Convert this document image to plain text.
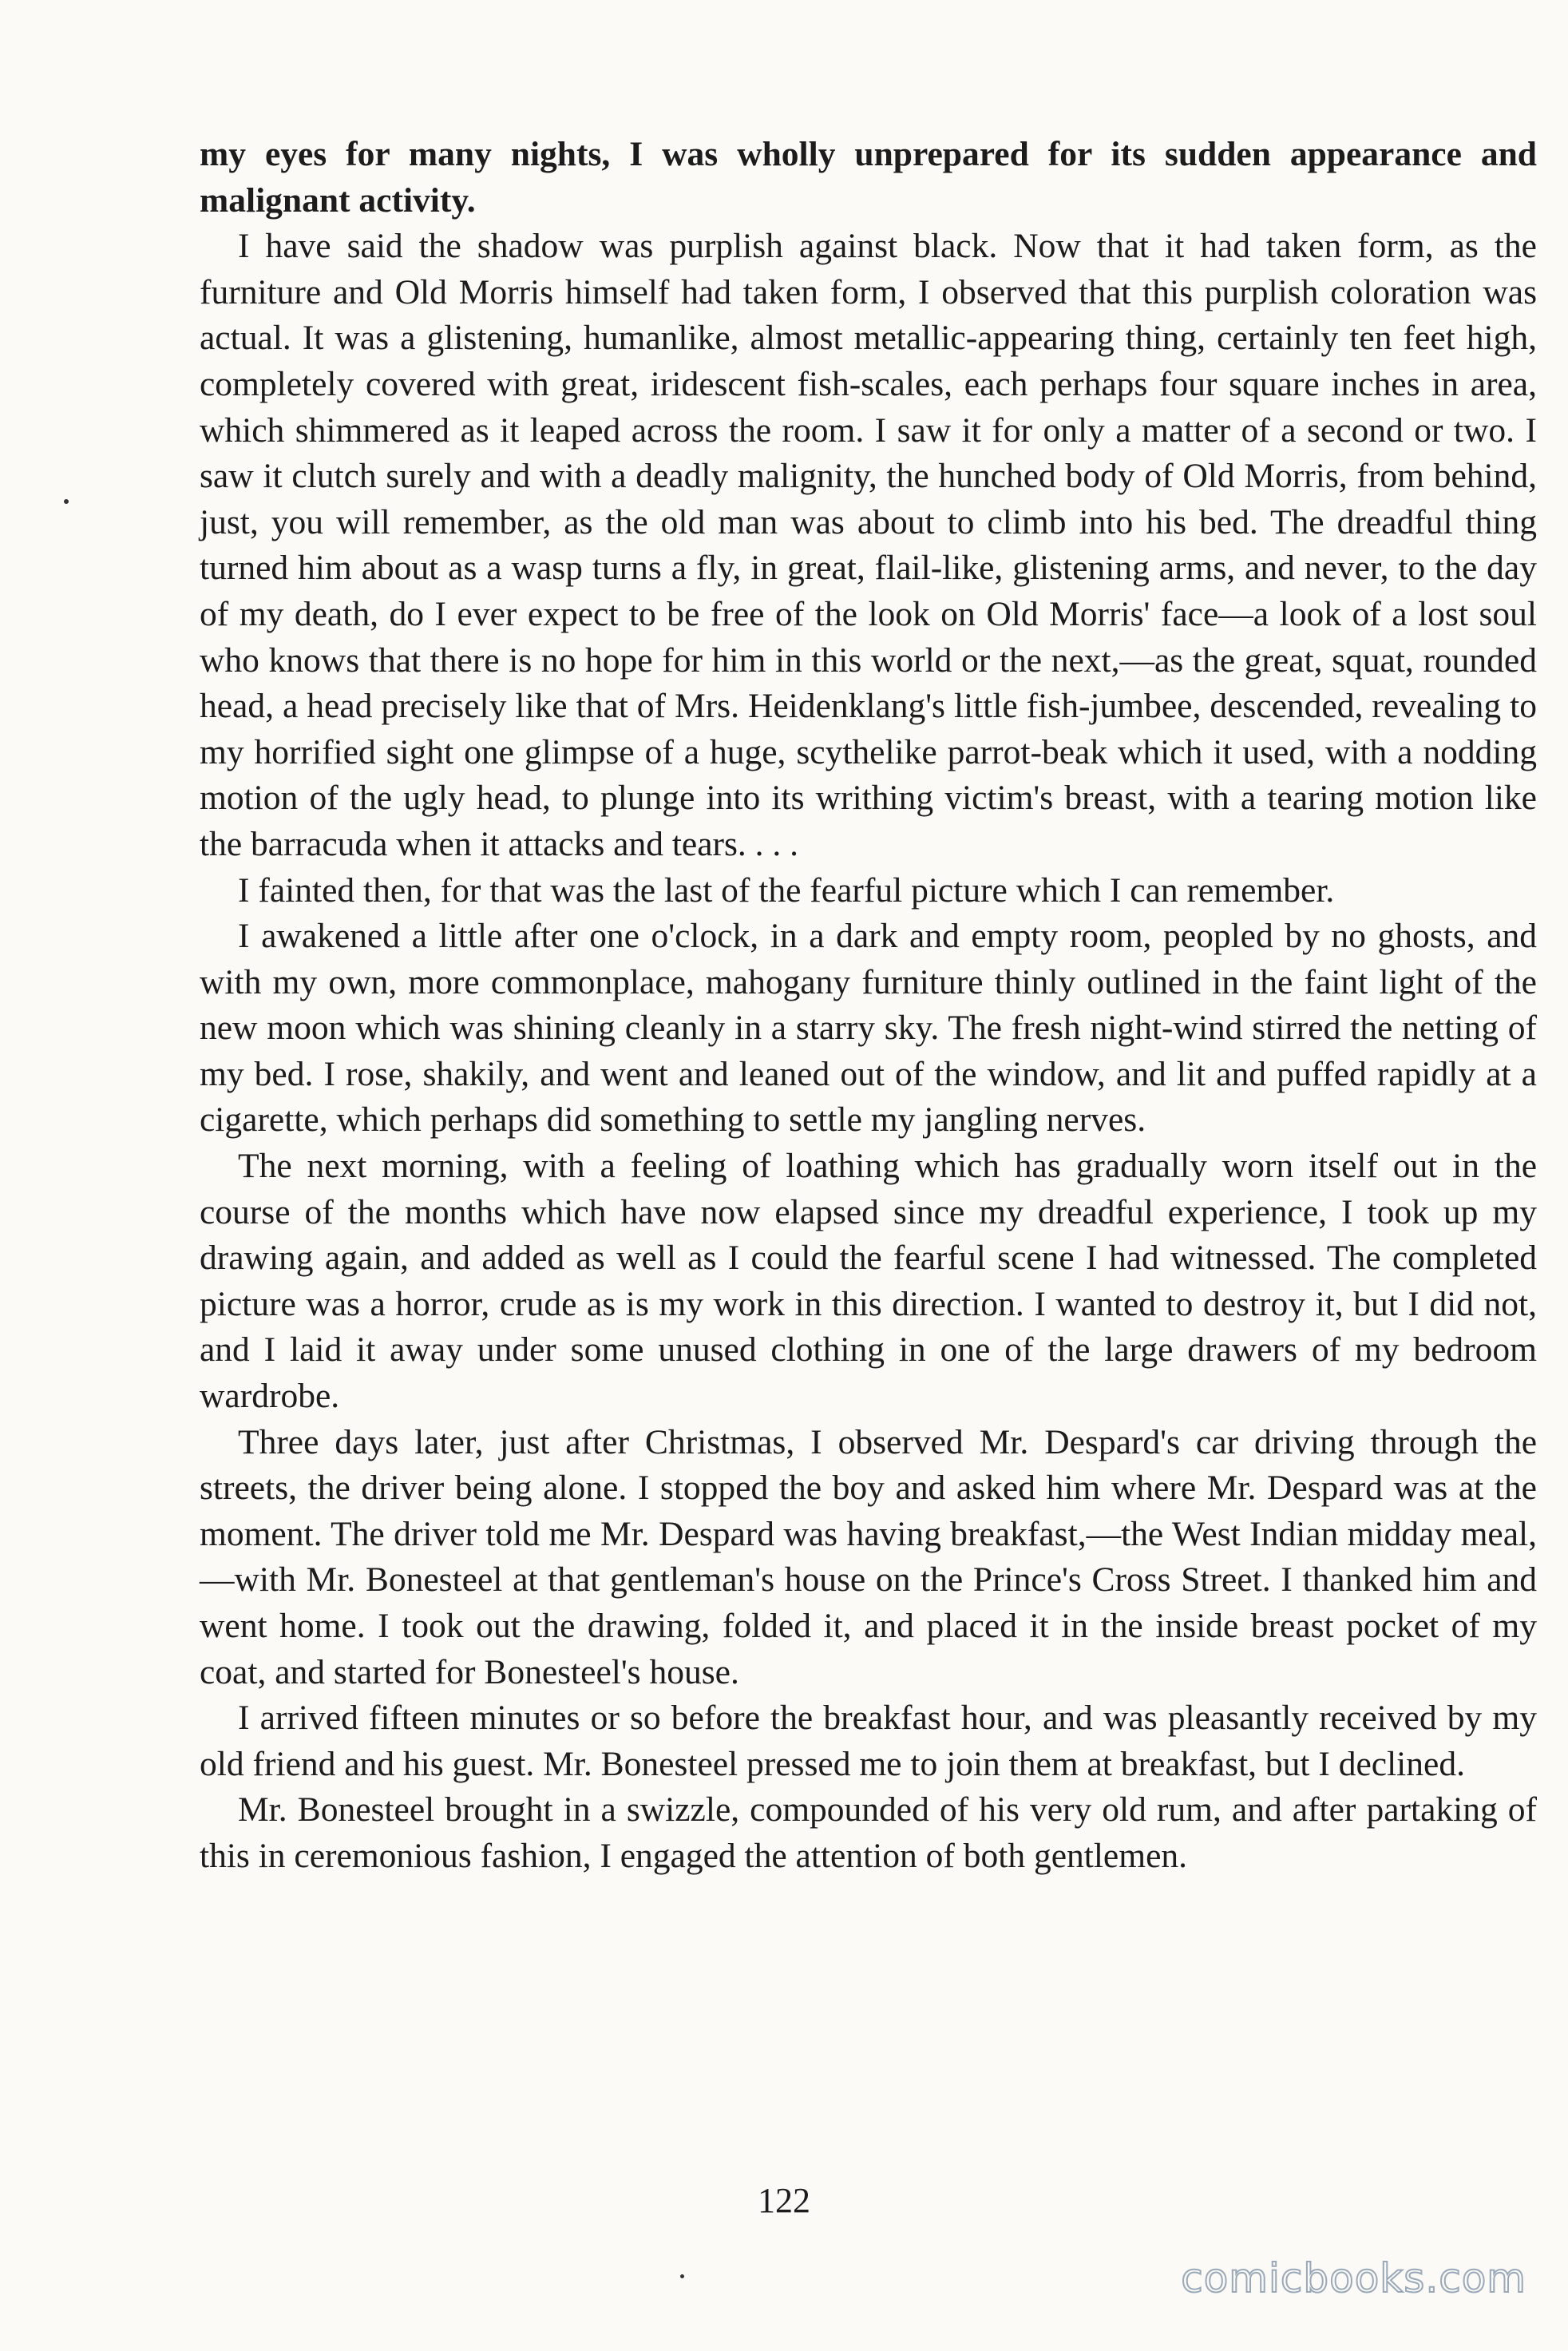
my eyes for many nights, I was wholly unprepared for its sudden appearance and malignant activity.

I have said the shadow was purplish against black. Now that it had taken form, as the furniture and Old Morris himself had taken form, I observed that this purplish coloration was actual. It was a glistening, humanlike, almost metallic-appearing thing, certainly ten feet high, completely covered with great, iridescent fish-scales, each perhaps four square inches in area, which shimmered as it leaped across the room. I saw it for only a matter of a second or two. I saw it clutch surely and with a deadly malignity, the hunched body of Old Morris, from behind, just, you will remember, as the old man was about to climb into his bed. The dreadful thing turned him about as a wasp turns a fly, in great, flail-like, glistening arms, and never, to the day of my death, do I ever expect to be free of the look on Old Morris' face—a look of a lost soul who knows that there is no hope for him in this world or the next,—as the great, squat, rounded head, a head precisely like that of Mrs. Heidenklang's little fish-jumbee, descended, revealing to my horrified sight one glimpse of a huge, scythelike parrot-beak which it used, with a nodding motion of the ugly head, to plunge into its writhing victim's breast, with a tearing motion like the barracuda when it attacks and tears. . . .

I fainted then, for that was the last of the fearful picture which I can remember.

I awakened a little after one o'clock, in a dark and empty room, peopled by no ghosts, and with my own, more commonplace, mahogany furniture thinly outlined in the faint light of the new moon which was shining cleanly in a starry sky. The fresh night-wind stirred the netting of my bed. I rose, shakily, and went and leaned out of the window, and lit and puffed rapidly at a cigarette, which perhaps did something to settle my jangling nerves.

The next morning, with a feeling of loathing which has gradually worn itself out in the course of the months which have now elapsed since my dreadful experience, I took up my drawing again, and added as well as I could the fearful scene I had witnessed. The completed picture was a horror, crude as is my work in this direction. I wanted to destroy it, but I did not, and I laid it away under some unused clothing in one of the large drawers of my bedroom wardrobe.

Three days later, just after Christmas, I observed Mr. Despard's car driving through the streets, the driver being alone. I stopped the boy and asked him where Mr. Despard was at the moment. The driver told me Mr. Despard was having breakfast,—the West Indian midday meal,—with Mr. Bonesteel at that gentleman's house on the Prince's Cross Street. I thanked him and went home. I took out the drawing, folded it, and placed it in the inside breast pocket of my coat, and started for Bonesteel's house.

I arrived fifteen minutes or so before the breakfast hour, and was pleasantly received by my old friend and his guest. Mr. Bonesteel pressed me to join them at breakfast, but I declined.

Mr. Bonesteel brought in a swizzle, compounded of his very old rum, and after partaking of this in ceremonious fashion, I engaged the attention of both gentlemen.

122
comicbooks.com
